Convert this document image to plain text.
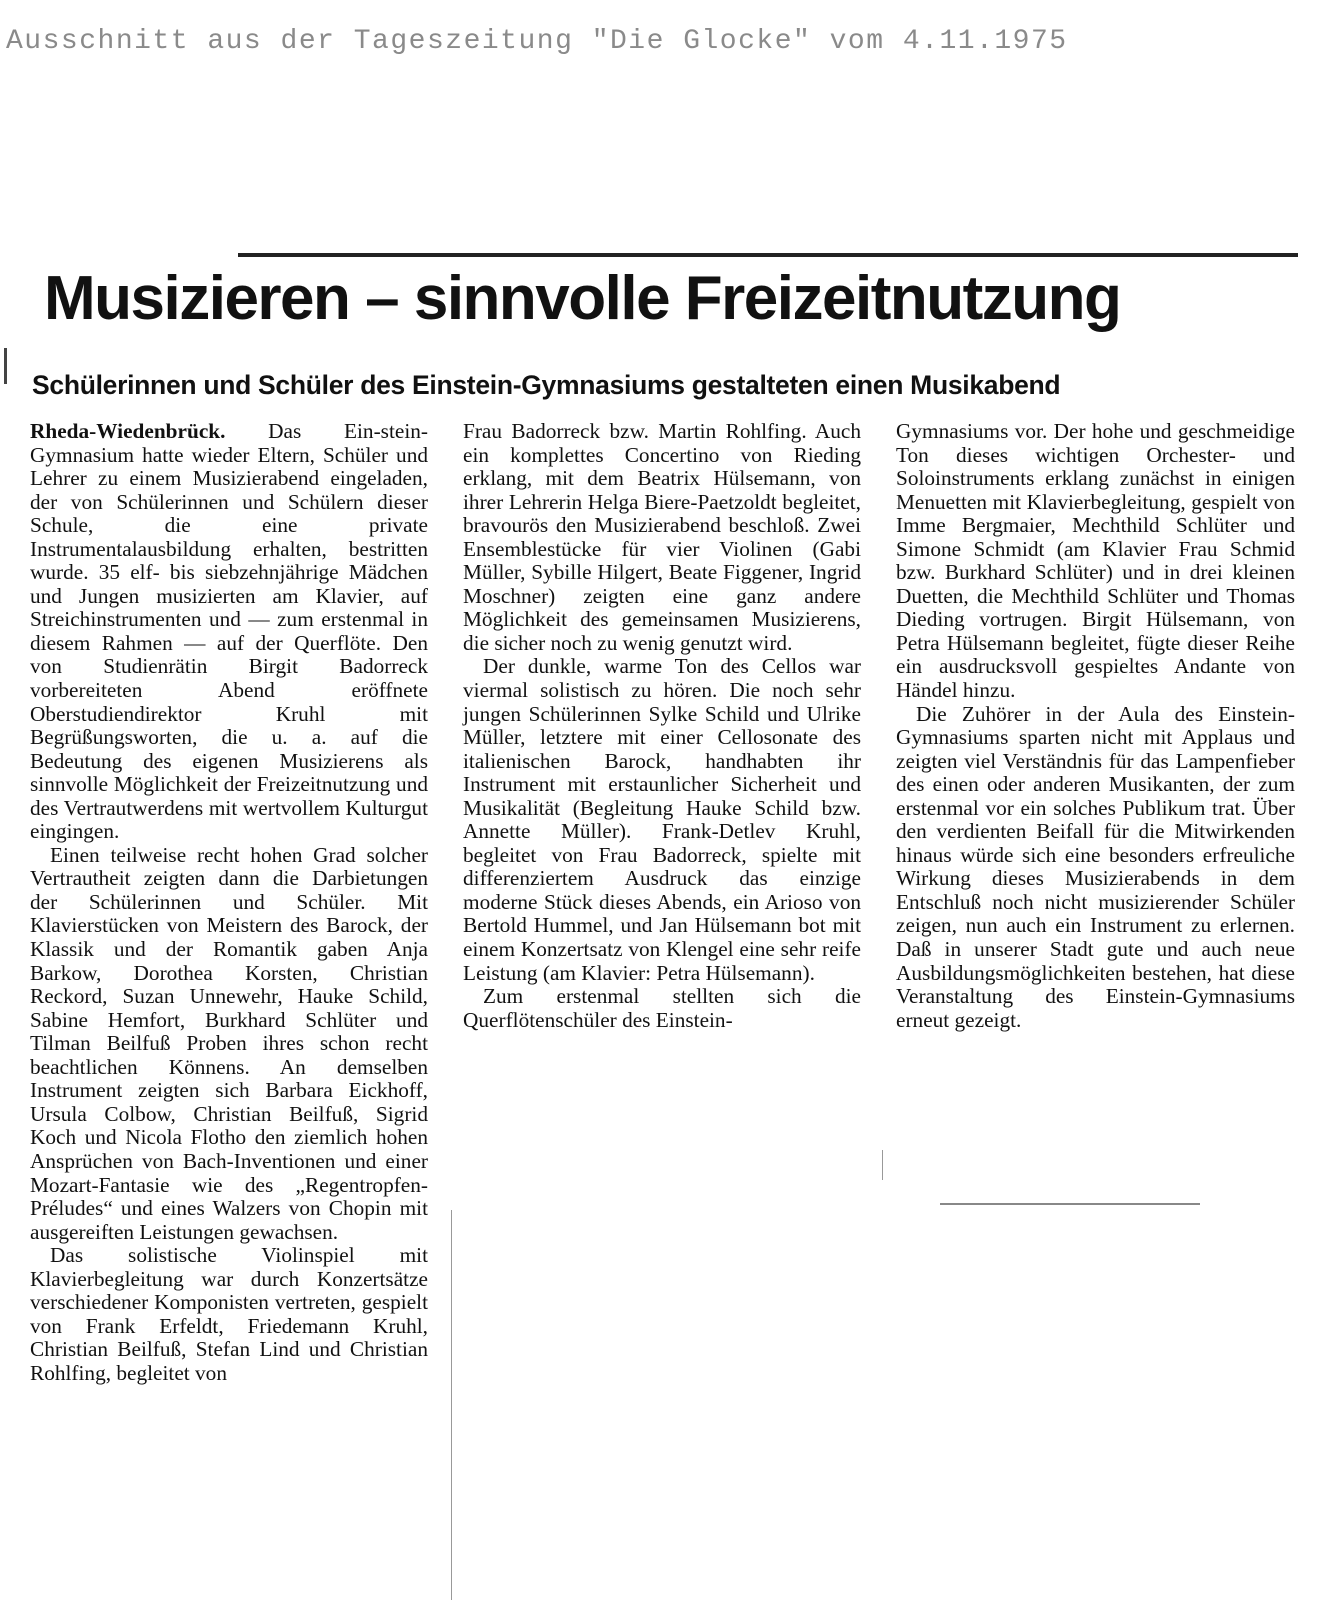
Ausschnitt aus der Tageszeitung "Die Glocke" vom 4.11.1975
Musizieren – sinnvolle Freizeitnutzung
Schülerinnen und Schüler des Einstein-Gymnasiums gestalteten einen Musikabend

Rheda-Wiedenbrück. Das Ein-stein-Gymnasium hatte wieder Eltern, Schüler und Lehrer zu einem Musizierabend eingeladen, der von Schülerinnen und Schülern dieser Schule, die eine private Instrumentalausbildung erhalten, bestritten wurde. 35 elf- bis siebzehnjährige Mädchen und Jungen musizierten am Klavier, auf Streichinstrumenten und — zum erstenmal in diesem Rahmen — auf der Querflöte. Den von Studienrätin Birgit Badorreck vorbereiteten Abend eröffnete Oberstudiendirektor Kruhl mit Begrüßungsworten, die u. a. auf die Bedeutung des eigenen Musizierens als sinnvolle Möglichkeit der Freizeitnutzung und des Vertrautwerdens mit wertvollem Kulturgut eingingen.

Einen teilweise recht hohen Grad solcher Vertrautheit zeigten dann die Darbietungen der Schülerinnen und Schüler. Mit Klavierstücken von Meistern des Barock, der Klassik und der Romantik gaben Anja Barkow, Dorothea Korsten, Christian Reckord, Suzan Unnewehr, Hauke Schild, Sabine Hemfort, Burkhard Schlüter und Tilman Beilfuß Proben ihres schon recht beachtlichen Könnens. An demselben Instrument zeigten sich Barbara Eickhoff, Ursula Colbow, Christian Beilfuß, Sigrid Koch und Nicola Flotho den ziemlich hohen Ansprüchen von Bach-Inventionen und einer Mozart-Fantasie wie des „Regentropfen-Préludes“ und eines Walzers von Chopin mit ausgereiften Leistungen gewachsen.

Das solistische Violinspiel mit Klavierbegleitung war durch Konzertsätze verschiedener Komponisten vertreten, gespielt von Frank Erfeldt, Friedemann Kruhl, Christian Beilfuß, Stefan Lind und Christian Rohlfing, begleitet von

Frau Badorreck bzw. Martin Rohlfing. Auch ein komplettes Concertino von Rieding erklang, mit dem Beatrix Hülsemann, von ihrer Lehrerin Helga Biere-Paetzoldt begleitet, bravourös den Musizierabend beschloß. Zwei Ensemblestücke für vier Violinen (Gabi Müller, Sybille Hilgert, Beate Figgener, Ingrid Moschner) zeigten eine ganz andere Möglichkeit des gemeinsamen Musizierens, die sicher noch zu wenig genutzt wird.

Der dunkle, warme Ton des Cellos war viermal solistisch zu hören. Die noch sehr jungen Schülerinnen Sylke Schild und Ulrike Müller, letztere mit einer Cellosonate des italienischen Barock, handhabten ihr Instrument mit erstaunlicher Sicherheit und Musikalität (Begleitung Hauke Schild bzw. Annette Müller). Frank-Detlev Kruhl, begleitet von Frau Badorreck, spielte mit differenziertem Ausdruck das einzige moderne Stück dieses Abends, ein Arioso von Bertold Hummel, und Jan Hülsemann bot mit einem Konzertsatz von Klengel eine sehr reife Leistung (am Klavier: Petra Hülsemann).

Zum erstenmal stellten sich die Querflötenschüler des Einstein-

Gymnasiums vor. Der hohe und geschmeidige Ton dieses wichtigen Orchester- und Soloinstruments erklang zunächst in einigen Menuetten mit Klavierbegleitung, gespielt von Imme Bergmaier, Mechthild Schlüter und Simone Schmidt (am Klavier Frau Schmid bzw. Burkhard Schlüter) und in drei kleinen Duetten, die Mechthild Schlüter und Thomas Dieding vortrugen. Birgit Hülsemann, von Petra Hülsemann begleitet, fügte dieser Reihe ein ausdrucksvoll gespieltes Andante von Händel hinzu.

Die Zuhörer in der Aula des Einstein-Gymnasiums sparten nicht mit Applaus und zeigten viel Verständnis für das Lampenfieber des einen oder anderen Musikanten, der zum erstenmal vor ein solches Publikum trat. Über den verdienten Beifall für die Mitwirkenden hinaus würde sich eine besonders erfreuliche Wirkung dieses Musizierabends in dem Entschluß noch nicht musizierender Schüler zeigen, nun auch ein Instrument zu erlernen. Daß in unserer Stadt gute und auch neue Ausbildungsmöglichkeiten bestehen, hat diese Veranstaltung des Einstein-Gymnasiums erneut gezeigt.
